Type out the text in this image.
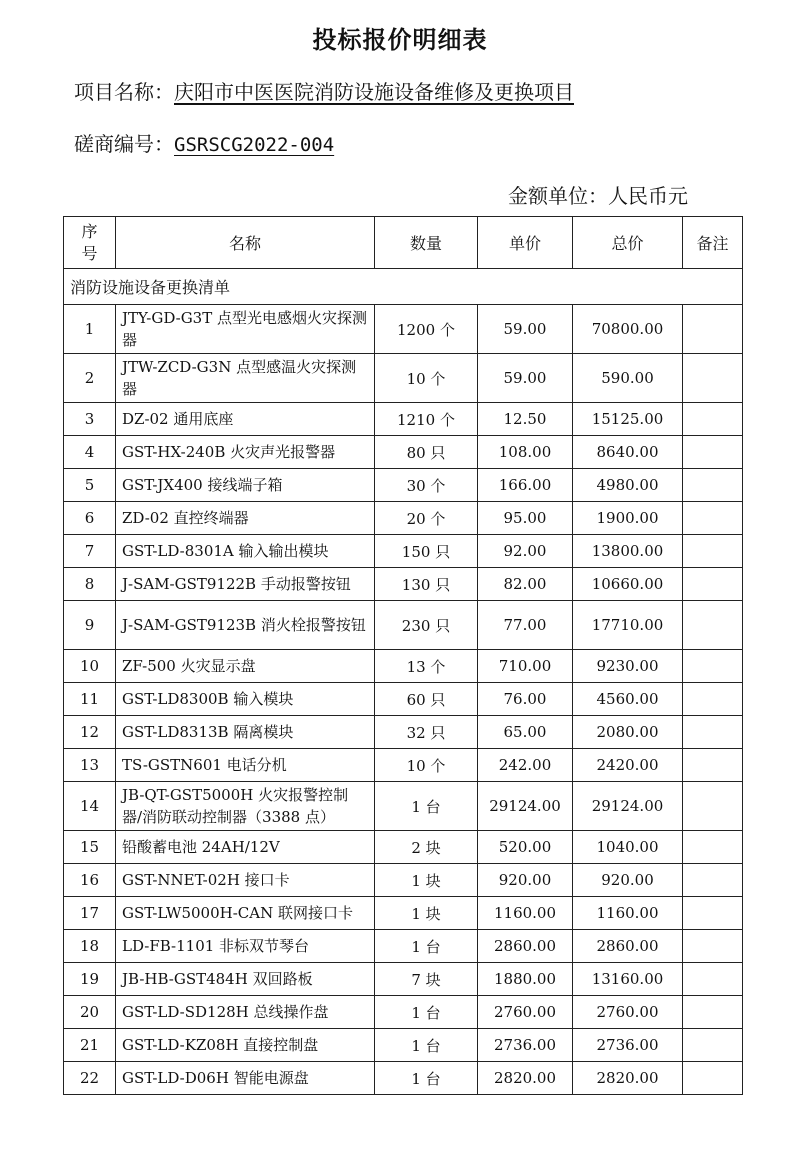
投标报价明细表
项目名称：庆阳市中医医院消防设施设备维修及更换项目
磋商编号：GSRSCG2022-004
金额单位：人民币元
序号	名称	数量	单价	总价	备注
消防设施设备更换清单					
1	JTY-GD-G3T 点型光电感烟火灾探测器	1200 个	59.00	70800.00	
2	JTW-ZCD-G3N 点型感温火灾探测器	10 个	59.00	590.00	
3	DZ-02 通用底座	1210 个	12.50	15125.00	
4	GST-HX-240B 火灾声光报警器	80 只	108.00	8640.00	
5	GST-JX400 接线端子箱	30 个	166.00	4980.00	
6	ZD-02 直控终端器	20 个	95.00	1900.00	
7	GST-LD-8301A 输入输出模块	150 只	92.00	13800.00	
8	J-SAM-GST9122B 手动报警按钮	130 只	82.00	10660.00	
9	J-SAM-GST9123B 消火栓报警按钮	230 只	77.00	17710.00	
10	ZF-500 火灾显示盘	13 个	710.00	9230.00	
11	GST-LD8300B 输入模块	60 只	76.00	4560.00	
12	GST-LD8313B 隔离模块	32 只	65.00	2080.00	
13	TS-GSTN601 电话分机	10 个	242.00	2420.00	
14	JB-QT-GST5000H 火灾报警控制器/消防联动控制器（3388 点）	1 台	29124.00	29124.00	
15	铅酸蓄电池 24AH/12V	2 块	520.00	1040.00	
16	GST-NNET-02H 接口卡	1 块	920.00	920.00	
17	GST-LW5000H-CAN 联网接口卡	1 块	1160.00	1160.00	
18	LD-FB-1101 非标双节琴台	1 台	2860.00	2860.00	
19	JB-HB-GST484H 双回路板	7 块	1880.00	13160.00	
20	GST-LD-SD128H 总线操作盘	1 台	2760.00	2760.00	
21	GST-LD-KZ08H 直接控制盘	1 台	2736.00	2736.00	
22	GST-LD-D06H 智能电源盘	1 台	2820.00	2820.00	
